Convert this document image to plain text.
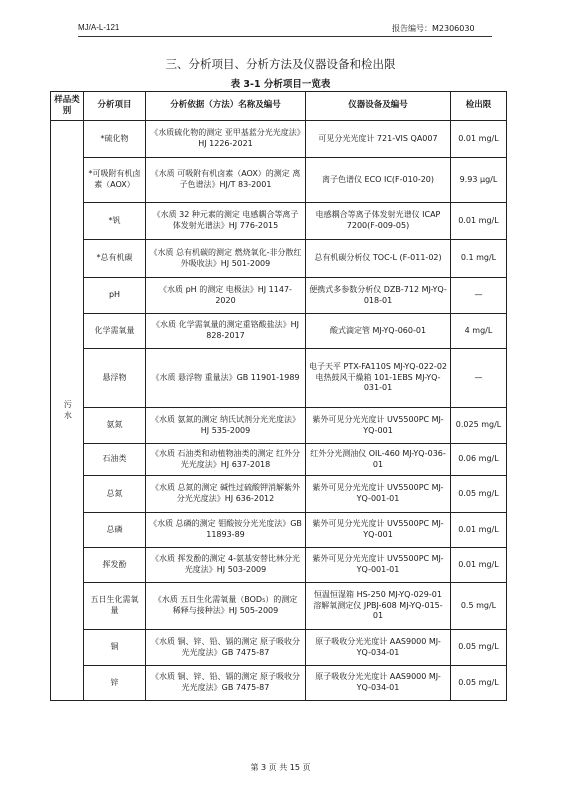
MJ/A-L-121	报告编号：M2306030
三、分析项目、分析方法及仪器设备和检出限
表 3-1 分析项目一览表
样品类别	分析项目	分析依据（方法）名称及编号	仪器设备及编号	检出限
污水	*硫化物	《水质硫化物的测定 亚甲基蓝分光光度法》HJ 1226-2021	可见分光光度计 721-VIS QA007	0.01 mg/L
	*可吸附有机卤素（AOX）	《水质 可吸附有机卤素（AOX）的测定 离子色谱法》HJ/T 83-2001	离子色谱仪 ECO IC(F-010-20)	9.93 μg/L
	*钒	《水质 32 种元素的测定 电感耦合等离子体发射光谱法》HJ 776-2015	电感耦合等离子体发射光谱仪 ICAP 7200(F-009-05)	0.01 mg/L
	*总有机碳	《水质 总有机碳的测定 燃烧氧化-非分散红外吸收法》HJ 501-2009	总有机碳分析仪 TOC-L (F-011-02)	0.1 mg/L
	pH	《水质 pH 的测定 电极法》HJ 1147-2020	便携式多参数分析仪 DZB-712 MJ-YQ-018-01	—
	化学需氧量	《水质 化学需氧量的测定重铬酸盐法》HJ 828-2017	酸式滴定管 MJ-YQ-060-01	4 mg/L
	悬浮物	《水质 悬浮物 重量法》GB 11901-1989	电子天平 PTX-FA110S MJ-YQ-022-02 电热鼓风干燥箱 101-1EBS MJ-YQ-031-01	—
	氨氮	《水质 氨氮的测定 纳氏试剂分光光度法》HJ 535-2009	紫外可见分光光度计 UV5500PC MJ-YQ-001	0.025 mg/L
	石油类	《水质 石油类和动植物油类的测定 红外分光光度法》HJ 637-2018	红外分光测油仪 OIL-460 MJ-YQ-036-01	0.06 mg/L
	总氮	《水质 总氮的测定 碱性过硫酸钾消解紫外分光光度法》HJ 636-2012	紫外可见分光光度计 UV5500PC MJ-YQ-001-01	0.05 mg/L
	总磷	《水质 总磷的测定 钼酸铵分光光度法》GB 11893-89	紫外可见分光光度计 UV5500PC MJ-YQ-001	0.01 mg/L
	挥发酚	《水质 挥发酚的测定 4-氨基安替比林分光光度法》HJ 503-2009	紫外可见分光光度计 UV5500PC MJ-YQ-001-01	0.01 mg/L
	五日生化需氧量	《水质 五日生化需氧量（BOD₅）的测定 稀释与接种法》HJ 505-2009	恒温恒湿箱 HS-250 MJ-YQ-029-01 溶解氧测定仪 JPBJ-608 MJ-YQ-015-01	0.5 mg/L
	铜	《水质 铜、锌、铅、镉的测定 原子吸收分光光度法》GB 7475-87	原子吸收分光光度计 AAS9000 MJ-YQ-034-01	0.05 mg/L
	锌	《水质 铜、锌、铅、镉的测定 原子吸收分光光度法》GB 7475-87	原子吸收分光光度计 AAS9000 MJ-YQ-034-01	0.05 mg/L
第 3 页 共 15 页
